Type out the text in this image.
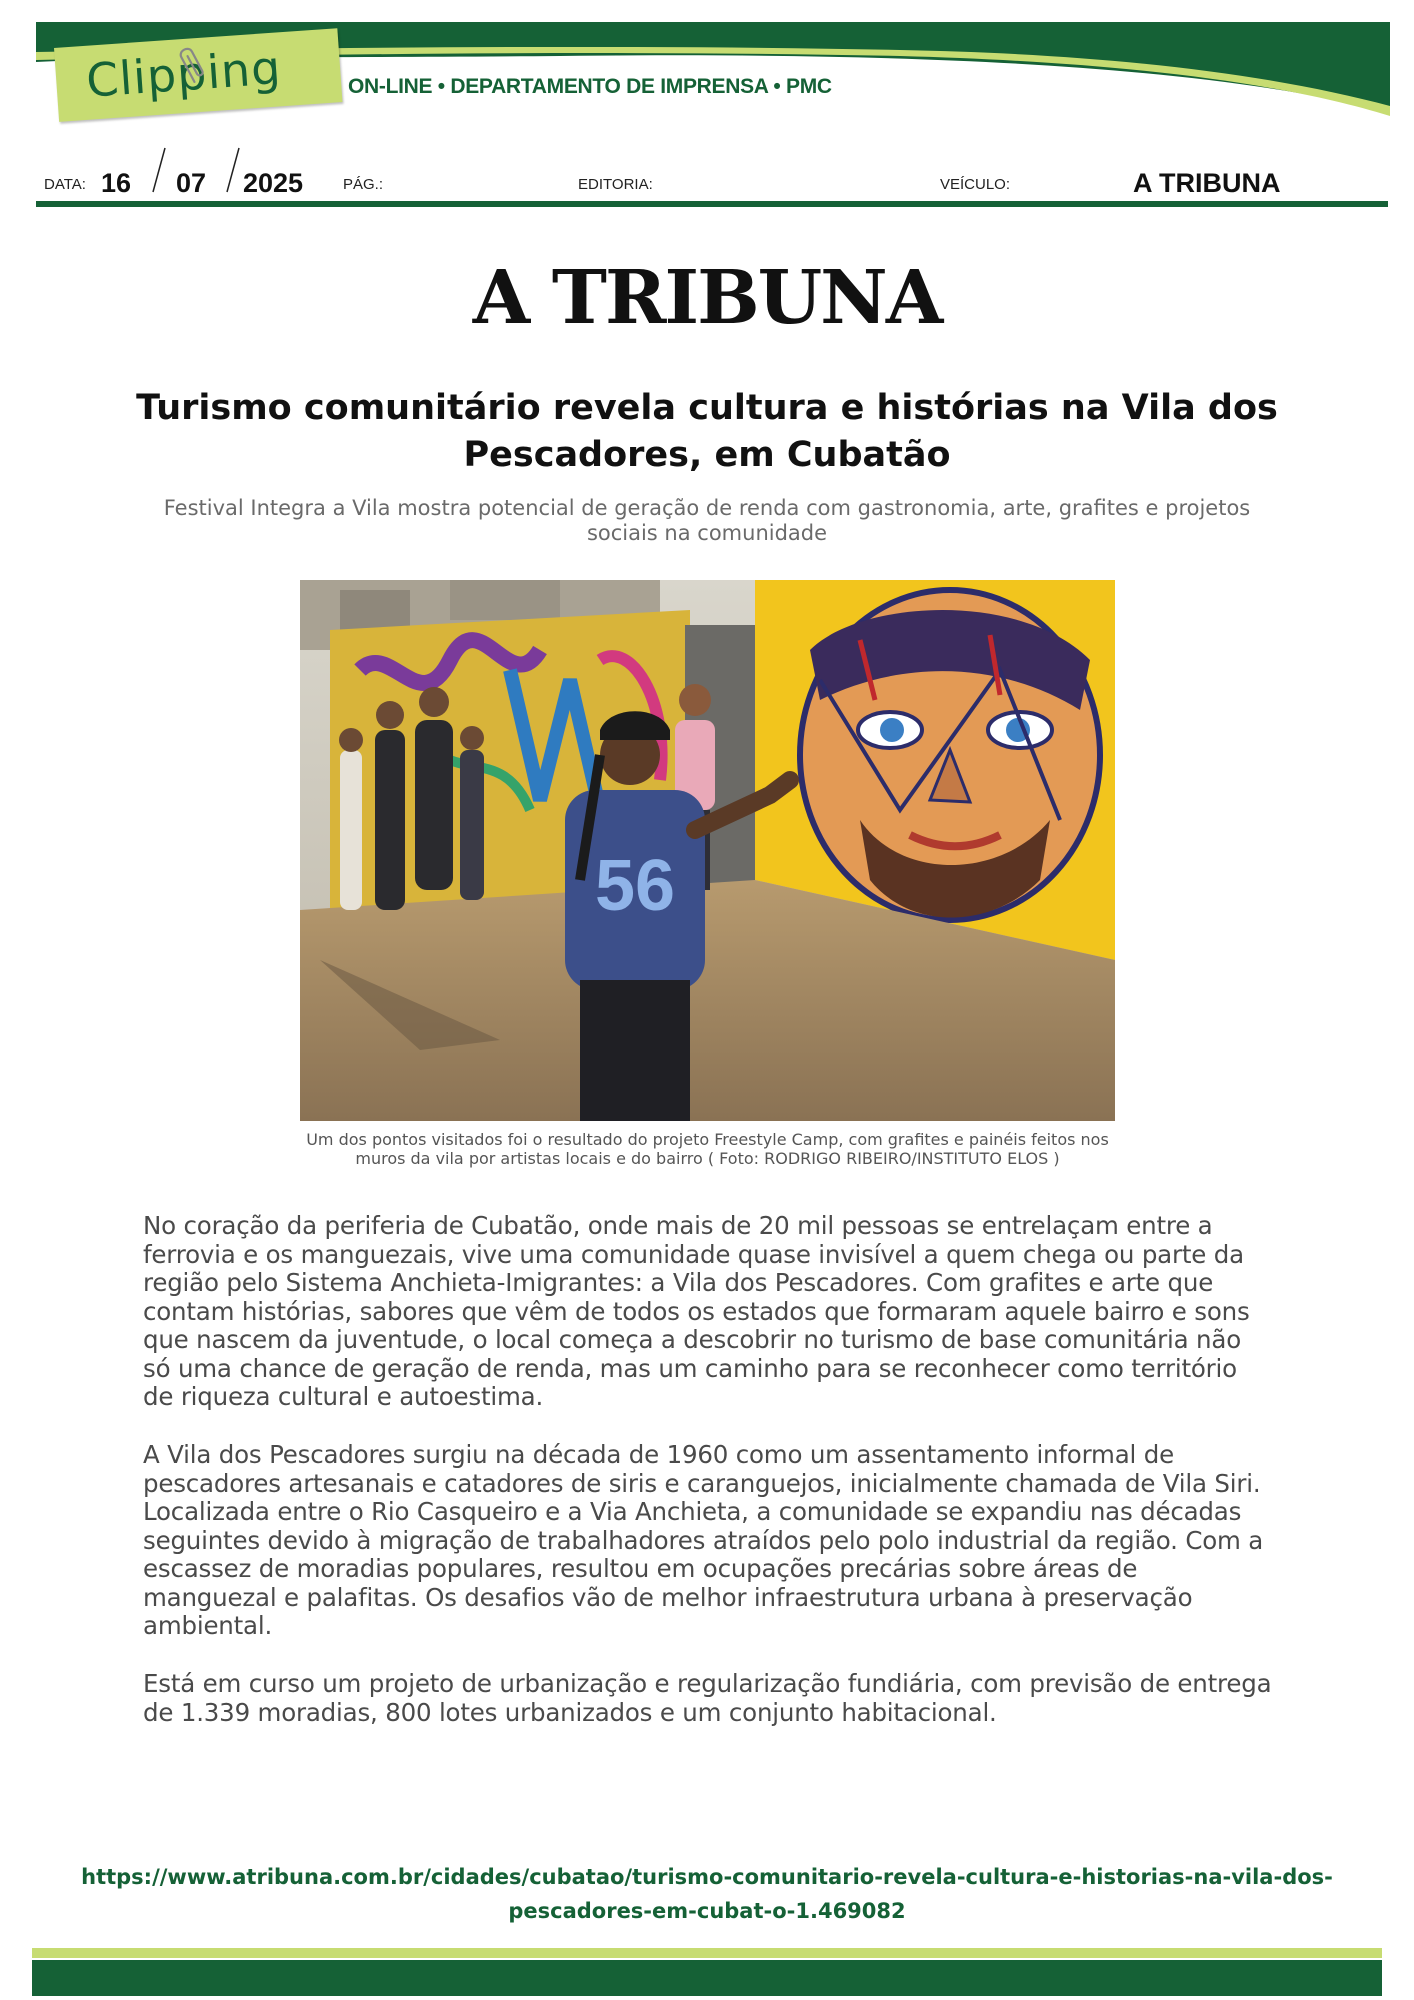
Clipping	ON-LINE • DEPARTAMENTO DE IMPRENSA • PMC
DATA: 16 07 2025	PÁG.:	EDITORIA:	VEÍCULO:	A TRIBUNA
A TRIBUNA
Turismo comunitário revela cultura e histórias na Vila dos Pescadores, em Cubatão
Festival Integra a Vila mostra potencial de geração de renda com gastronomia, arte, grafites e projetos sociais na comunidade
56
Um dos pontos visitados foi o resultado do projeto Freestyle Camp, com grafites e painéis feitos nos muros da vila por artistas locais e do bairro ( Foto: RODRIGO RIBEIRO/INSTITUTO ELOS )

No coração da periferia de Cubatão, onde mais de 20 mil pessoas se entrelaçam entre a ferrovia e os manguezais, vive uma comunidade quase invisível a quem chega ou parte da região pelo Sistema Anchieta-Imigrantes: a Vila dos Pescadores. Com grafites e arte que contam histórias, sabores que vêm de todos os estados que formaram aquele bairro e sons que nascem da juventude, o local começa a descobrir no turismo de base comunitária não só uma chance de geração de renda, mas um caminho para se reconhecer como território de riqueza cultural e autoestima.

A Vila dos Pescadores surgiu na década de 1960 como um assentamento informal de pescadores artesanais e catadores de siris e caranguejos, inicialmente chamada de Vila Siri. Localizada entre o Rio Casqueiro e a Via Anchieta, a comunidade se expandiu nas décadas seguintes devido à migração de trabalhadores atraídos pelo polo industrial da região. Com a escassez de moradias populares, resultou em ocupações precárias sobre áreas de manguezal e palafitas. Os desafios vão de melhor infraestrutura urbana à preservação ambiental.

Está em curso um projeto de urbanização e regularização fundiária, com previsão de entrega de 1.339 moradias, 800 lotes urbanizados e um conjunto habitacional.

https://www.atribuna.com.br/cidades/cubatao/turismo-comunitario-revela-cultura-e-historias-na-vila-dos-pescadores-em-cubat-o-1.469082
